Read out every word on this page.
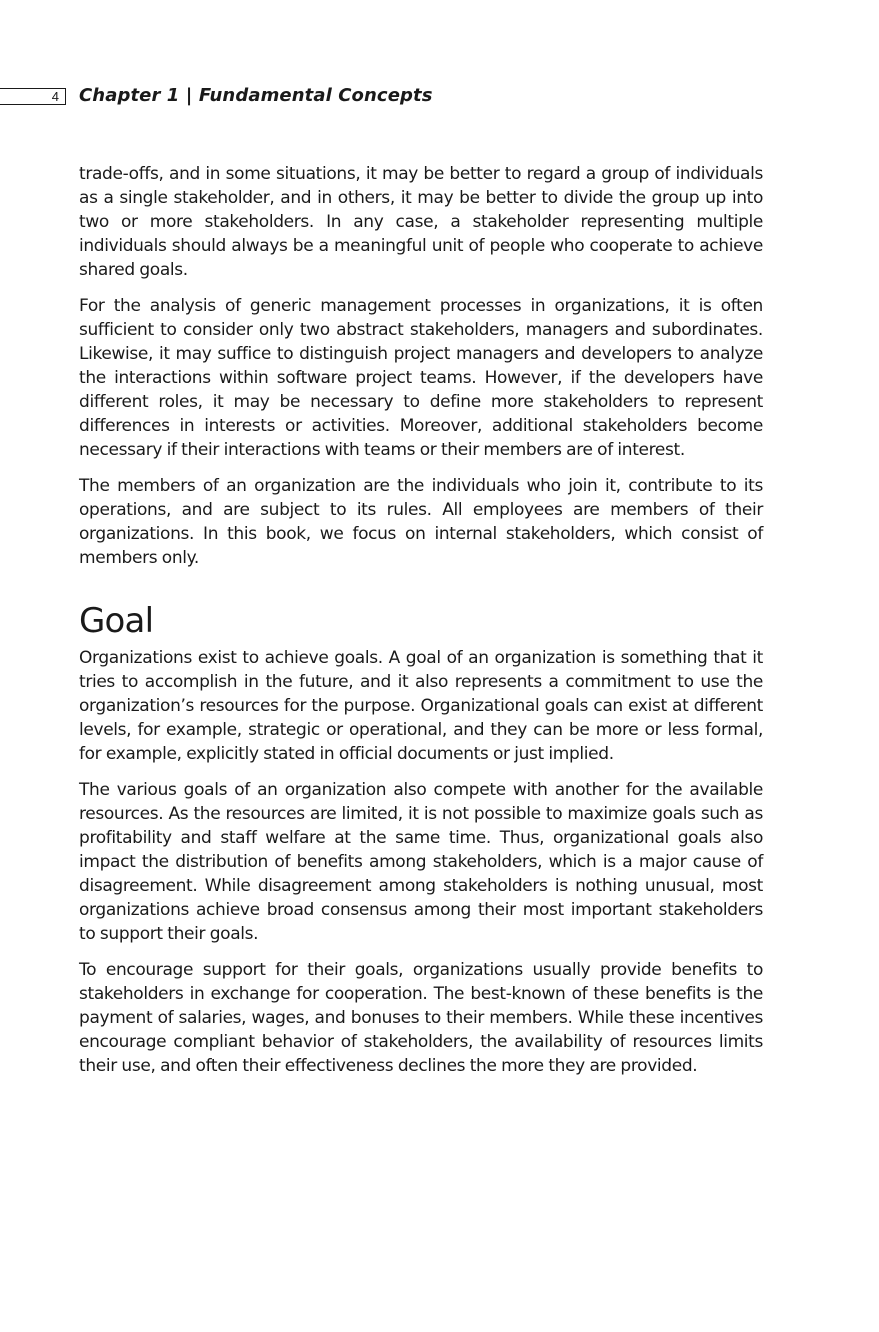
4	Chapter 1 | Fundamental Concepts

trade-offs, and in some situations, it may be better to regard a group of individuals as a single stakeholder, and in others, it may be better to divide the group up into two or more stakeholders. In any case, a stakeholder representing multiple individuals should always be a meaningful unit of people who cooperate to achieve shared goals.

For the analysis of generic management processes in organizations, it is often sufficient to consider only two abstract stakeholders, managers and subordinates. Likewise, it may suffice to distinguish project managers and developers to analyze the interactions within software project teams. However, if the developers have different roles, it may be necessary to define more stakeholders to represent differences in interests or activities. Moreover, additional stakeholders become necessary if their interactions with teams or their members are of interest.

The members of an organization are the individuals who join it, contribute to its operations, and are subject to its rules. All employees are members of their organizations. In this book, we focus on internal stakeholders, which consist of members only.

Goal

Organizations exist to achieve goals. A goal of an organization is something that it tries to accomplish in the future, and it also represents a commitment to use the organization’s resources for the purpose. Organizational goals can exist at different levels, for example, strategic or operational, and they can be more or less formal, for example, explicitly stated in official documents or just implied.

The various goals of an organization also compete with another for the available resources. As the resources are limited, it is not possible to maximize goals such as profitability and staff welfare at the same time. Thus, organizational goals also impact the distribution of benefits among stakeholders, which is a major cause of disagreement. While disagreement among stakeholders is nothing unusual, most organizations achieve broad consensus among their most important stakeholders to support their goals.

To encourage support for their goals, organizations usually provide benefits to stakeholders in exchange for cooperation. The best-known of these benefits is the payment of salaries, wages, and bonuses to their members. While these incentives encourage compliant behavior of stakeholders, the availability of resources limits their use, and often their effectiveness declines the more they are provided.
